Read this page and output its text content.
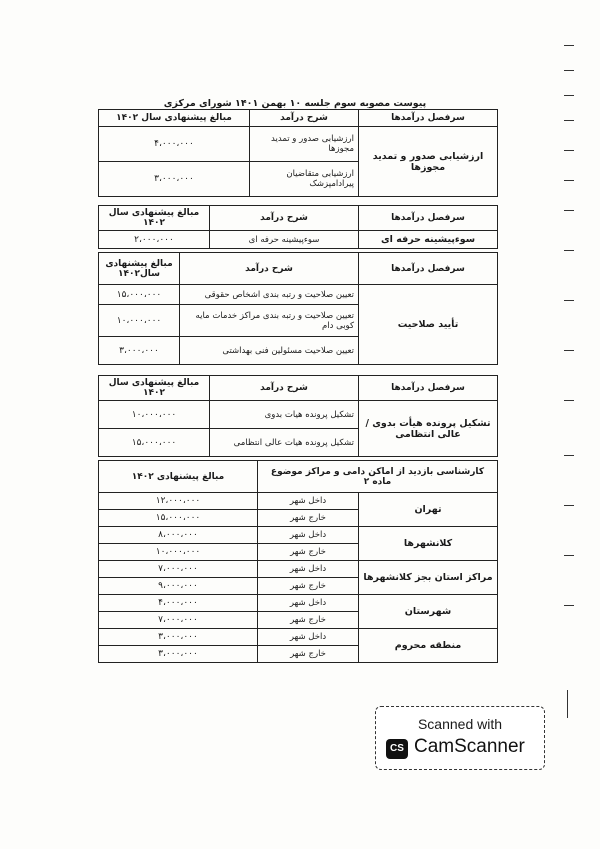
پیوست مصوبه سوم جلسه ۱۰ بهمن ۱۴۰۱ شورای مرکزی
سرفصل درآمدها	شرح درآمد	مبالغ پیشنهادی سال ۱۴۰۲
ارزشیابی صدور و تمدید مجوزها	ارزشیابی صدور و تمدید مجوزها	۴،۰۰۰،۰۰۰
	ارزشیابی متقاضیان پیرادامپزشک	۳،۰۰۰،۰۰۰
سرفصل درآمدها	شرح درآمد	مبالغ پیشنهادی سال ۱۴۰۲
سوءپیشینه حرفه ای	سوءپیشینه حرفه ای	۲،۰۰۰،۰۰۰
سرفصل درآمدها	شرح درآمد	مبالغ پیشنهادی سال۱۴۰۲
تأیید صلاحیت	تعیین صلاحیت و رتبه بندی اشخاص حقوقی	۱۵،۰۰۰،۰۰۰
	تعیین صلاحیت و رتبه بندی مراکز خدمات مایه کوبی دام	۱۰،۰۰۰،۰۰۰
	تعیین صلاحیت مسئولین فنی بهداشتی	۳،۰۰۰،۰۰۰
سرفصل درآمدها	شرح درآمد	مبالغ پیشنهادی سال ۱۴۰۲
تشکیل پرونده هیأت بدوی / عالی انتظامی	تشکیل پرونده هیات بدوی	۱۰،۰۰۰،۰۰۰
	تشکیل پرونده هیات عالی انتظامی	۱۵،۰۰۰،۰۰۰
کارشناسی بازدید از اماکن دامی و مراکز موضوع ماده ۲		مبالغ پیشنهادی ۱۴۰۲
تهران	داخل شهر	۱۲،۰۰۰،۰۰۰
	خارج شهر	۱۵،۰۰۰،۰۰۰
کلانشهرها	داخل شهر	۸،۰۰۰،۰۰۰
	خارج شهر	۱۰،۰۰۰،۰۰۰
مراکز استان بجز کلانشهرها	داخل شهر	۷،۰۰۰،۰۰۰
	خارج شهر	۹،۰۰۰،۰۰۰
شهرستان	داخل شهر	۴،۰۰۰،۰۰۰
	خارج شهر	۷،۰۰۰،۰۰۰
منطقه محروم	داخل شهر	۳،۰۰۰،۰۰۰
	خارج شهر	۳،۰۰۰،۰۰۰
Scanned with
CS CamScanner
